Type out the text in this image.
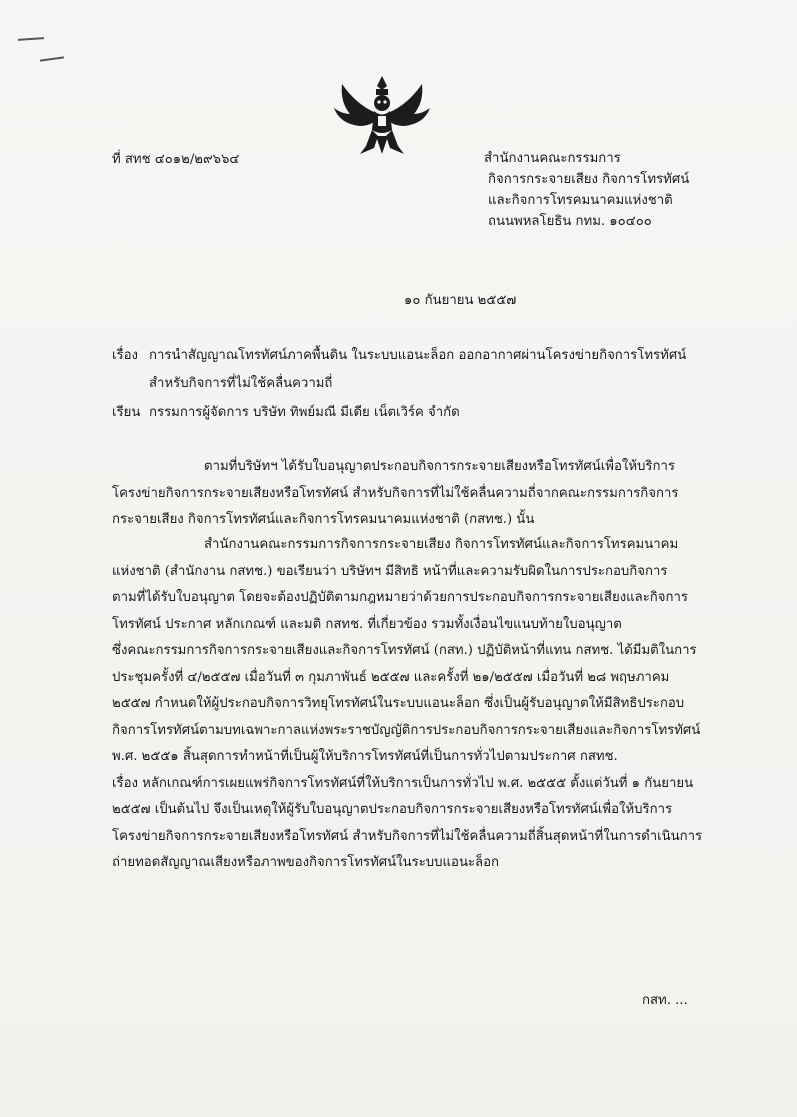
ที่ สทช ๔๐๑๒/๒๙๖๖๔	สำนักงานคณะกรรมการ
กิจการกระจายเสียง กิจการโทรทัศน์
และกิจการโทรคมนาคมแห่งชาติ
ถนนพหลโยธิน กทม. ๑๐๔๐๐
๑๐ กันยายน ๒๕๕๗
เรื่อง การนำสัญญาณโทรทัศน์ภาคพื้นดิน ในระบบแอนะล็อก ออกอากาศผ่านโครงข่ายกิจการโทรทัศน์
สำหรับกิจการที่ไม่ใช้คลื่นความถี่
เรียน กรรมการผู้จัดการ บริษัท ทิพย์มณี มีเดีย เน็ตเวิร์ค จำกัด
ตามที่บริษัทฯ ได้รับใบอนุญาตประกอบกิจการกระจายเสียงหรือโทรทัศน์เพื่อให้บริการ
โครงข่ายกิจการกระจายเสียงหรือโทรทัศน์ สำหรับกิจการที่ไม่ใช้คลื่นความถี่จากคณะกรรมการกิจการ
กระจายเสียง กิจการโทรทัศน์และกิจการโทรคมนาคมแห่งชาติ (กสทช.) นั้น
สำนักงานคณะกรรมการกิจการกระจายเสียง กิจการโทรทัศน์และกิจการโทรคมนาคม
แห่งชาติ (สำนักงาน กสทช.) ขอเรียนว่า บริษัทฯ มีสิทธิ หน้าที่และความรับผิดในการประกอบกิจการ
ตามที่ได้รับใบอนุญาต โดยจะต้องปฏิบัติตามกฎหมายว่าด้วยการประกอบกิจการกระจายเสียงและกิจการ
โทรทัศน์ ประกาศ หลักเกณฑ์ และมติ กสทช. ที่เกี่ยวข้อง รวมทั้งเงื่อนไขแนบท้ายใบอนุญาต
ซึ่งคณะกรรมการกิจการกระจายเสียงและกิจการโทรทัศน์ (กสท.) ปฏิบัติหน้าที่แทน กสทช. ได้มีมติในการ
ประชุมครั้งที่ ๔/๒๕๕๗ เมื่อวันที่ ๓ กุมภาพันธ์ ๒๕๕๗ และครั้งที่ ๒๑/๒๕๕๗ เมื่อวันที่ ๒๘ พฤษภาคม
๒๕๕๗ กำหนดให้ผู้ประกอบกิจการวิทยุโทรทัศน์ในระบบแอนะล็อก ซึ่งเป็นผู้รับอนุญาตให้มีสิทธิประกอบ
กิจการโทรทัศน์ตามบทเฉพาะกาลแห่งพระราชบัญญัติการประกอบกิจการกระจายเสียงและกิจการโทรทัศน์
พ.ศ. ๒๕๕๑ สิ้นสุดการทำหน้าที่เป็นผู้ให้บริการโทรทัศน์ที่เป็นการทั่วไปตามประกาศ กสทช.
เรื่อง หลักเกณฑ์การเผยแพร่กิจการโทรทัศน์ที่ให้บริการเป็นการทั่วไป พ.ศ. ๒๕๕๕ ตั้งแต่วันที่ ๑ กันยายน
๒๕๕๗ เป็นต้นไป จึงเป็นเหตุให้ผู้รับใบอนุญาตประกอบกิจการกระจายเสียงหรือโทรทัศน์เพื่อให้บริการ
โครงข่ายกิจการกระจายเสียงหรือโทรทัศน์ สำหรับกิจการที่ไม่ใช้คลื่นความถี่สิ้นสุดหน้าที่ในการดำเนินการ
ถ่ายทอดสัญญาณเสียงหรือภาพของกิจการโทรทัศน์ในระบบแอนะล็อก
กสท. ...
